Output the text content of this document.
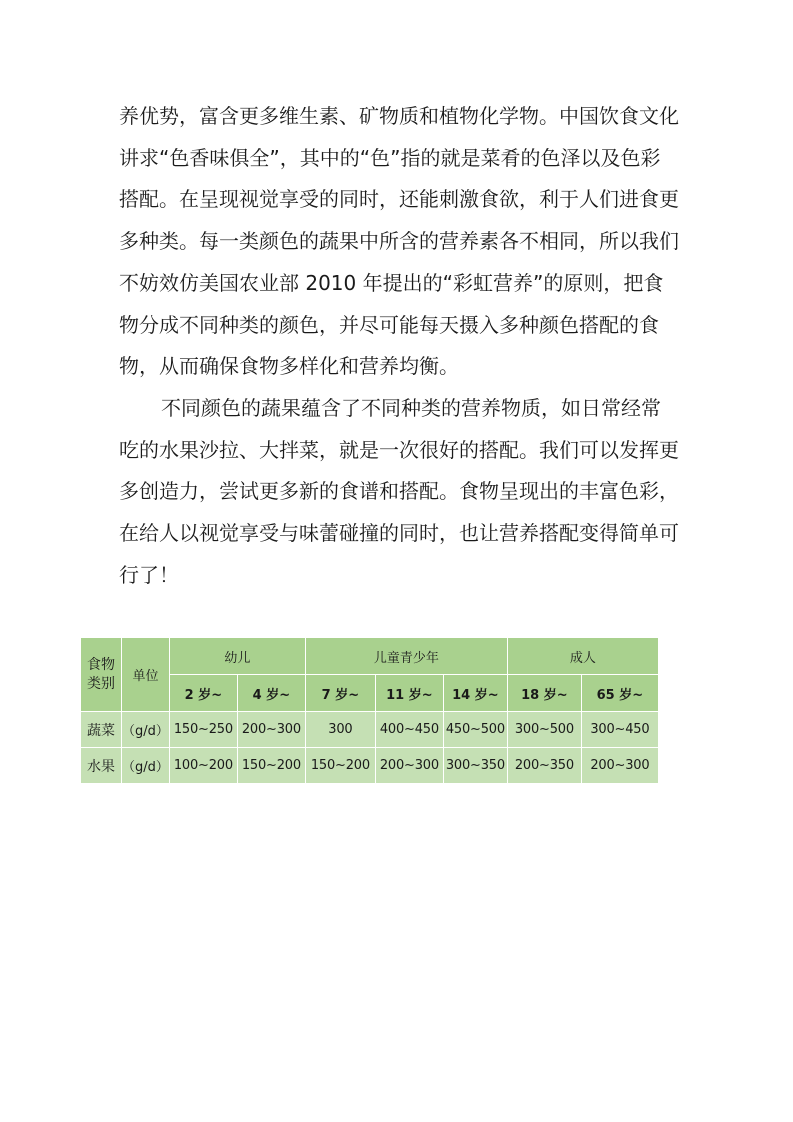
养优势，富含更多维生素、矿物质和植物化学物。中国饮食文化讲求“色香味俱全”，其中的“色”指的就是菜肴的色泽以及色彩搭配。在呈现视觉享受的同时，还能刺激食欲，利于人们进食更多种类。每一类颜色的蔬果中所含的营养素各不相同，所以我们不妨效仿美国农业部 2010 年提出的“彩虹营养”的原则，把食物分成不同种类的颜色，并尽可能每天摄入多种颜色搭配的食物，从而确保食物多样化和营养均衡。

不同颜色的蔬果蕴含了不同种类的营养物质，如日常经常吃的水果沙拉、大拌菜，就是一次很好的搭配。我们可以发挥更多创造力，尝试更多新的食谱和搭配。食物呈现出的丰富色彩，在给人以视觉享受与味蕾碰撞的同时，也让营养搭配变得简单可行了！

食物类别	单位	幼儿		儿童青少年			成人	
		2 岁~	4 岁~	7 岁~	11 岁~	14 岁~	18 岁~	65 岁~
蔬菜	（g/d）	150~250	200~300	300	400~450	450~500	300~500	300~450
水果	（g/d）	100~200	150~200	150~200	200~300	300~350	200~350	200~300
